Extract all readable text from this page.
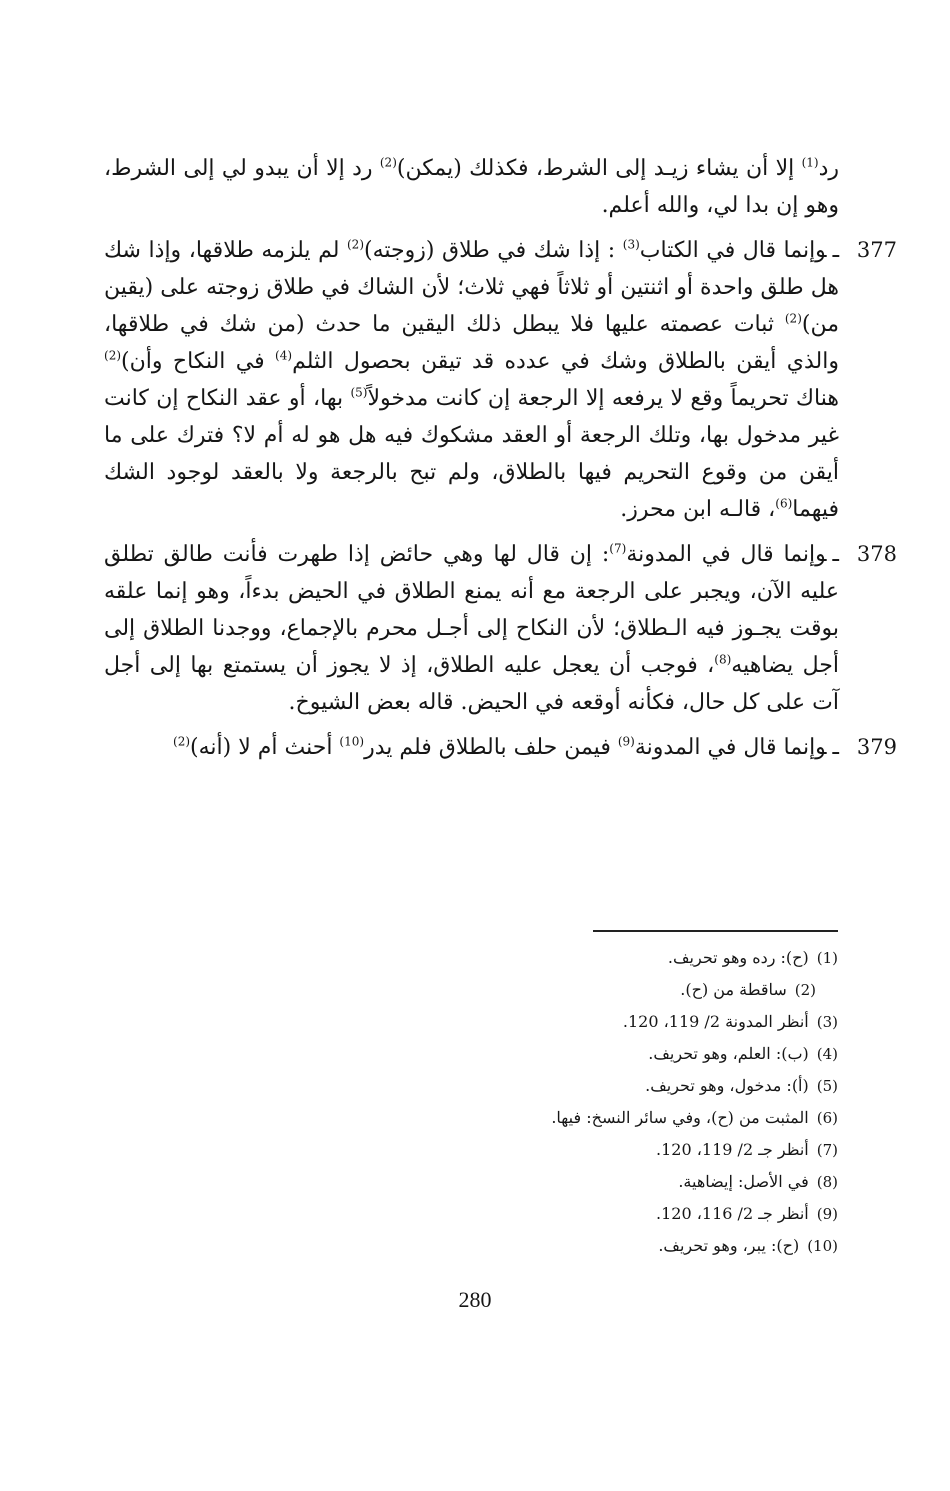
رد$^{(1)}$ إلا أن يشاء زيـد إلى الشرط، فكذلك (يمكن)$^{(2)}$ رد إلا أن يبدو لي إلى الشرط، وهو إن بدا لي، والله أعلم.

377
ـوإنما قال في الكتاب$^{(3)}$ : إذا شك في طلاق (زوجته)$^{(2)}$ لم يلزمه طلاقها، وإذا شك هل طلق واحدة أو اثنتين أو ثلاثاً فهي ثلاث؛ لأن الشاك في طلاق زوجته على (يقين من)$^{(2)}$ ثبات عصمته عليها فلا يبطل ذلك اليقين ما حدث (من شك في طلاقها، والذي أيقن بالطلاق وشك في عدده قد تيقن بحصول الثلم$^{(4)}$ في النكاح وأن)$^{(2)}$ هناك تحريماً وقع لا يرفعه إلا الرجعة إن كانت مدخولاً$^{(5)}$ بها، أو عقد النكاح إن كانت غير مدخول بها، وتلك الرجعة أو العقد مشكوك فيه هل هو له أم لا؟ فترك على ما أيقن من وقوع التحريم فيها بالطلاق، ولم تبح بالرجعة ولا بالعقد لوجود الشك فيهما$^{(6)}$، قالـه ابن محرز.

378
ـوإنما قال في المدونة$^{(7)}$: إن قال لها وهي حائض إذا طهرت فأنت طالق تطلق عليه الآن، ويجبر على الرجعة مع أنه يمنع الطلاق في الحيض بدءاً، وهو إنما علقه بوقت يجـوز فيه الـطلاق؛ لأن النكاح إلى أجـل محرم بالإجماع، ووجدنا الطلاق إلى أجل يضاهيه$^{(8)}$، فوجب أن يعجل عليه الطلاق، إذ لا يجوز أن يستمتع بها إلى أجل آت على كل حال، فكأنه أوقعه في الحيض. قاله بعض الشيوخ.

379
ـوإنما قال في المدونة$^{(9)}$ فيمن حلف بالطلاق فلم يدر$^{(10)}$ أحنث أم لا (أنه)$^{(2)}$

(1)(ح): رده وهو تحريف.
(2)ساقطة من (ح).
(3)أنظر المدونة 2/ 119، 120.
(4)(ب): العلم، وهو تحريف.
(5)(أ): مدخول، وهو تحريف.
(6)المثبت من (ح)، وفي سائر النسخ: فيها.
(7)أنظر جـ 2/ 119، 120.
(8)في الأصل: إيضاهية.
(9)أنظر جـ 2/ 116، 120.
(10)(ح): يبر، وهو تحريف.
280
